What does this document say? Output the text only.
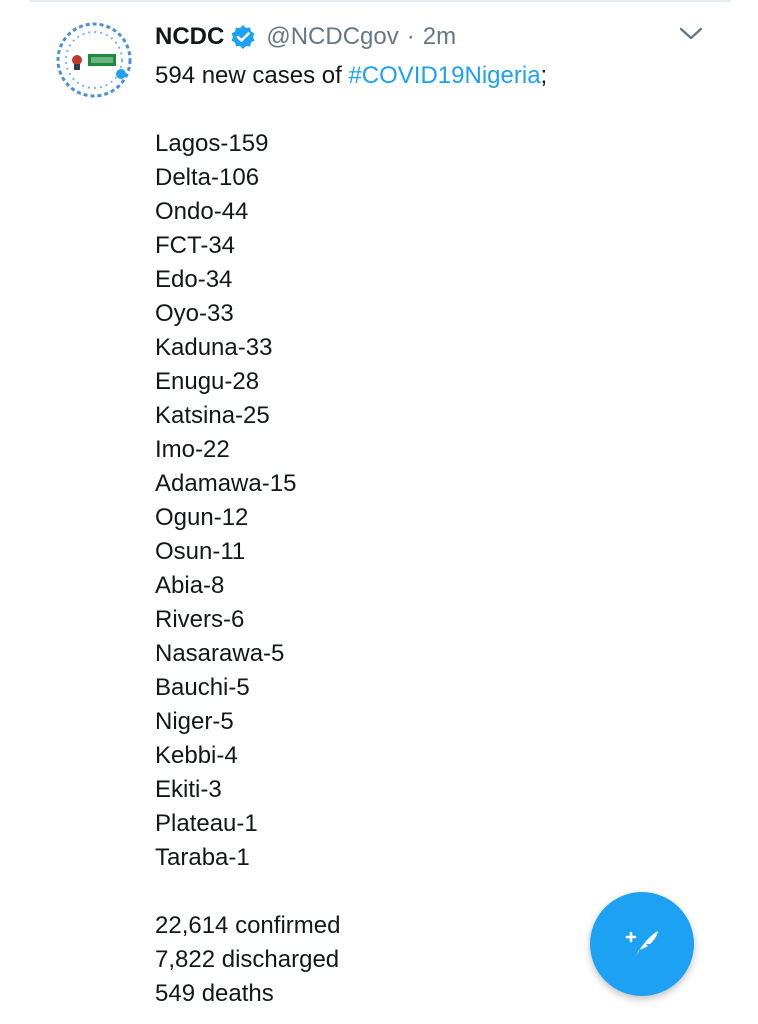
NCDC @NCDCgov · 2m
594 new cases of #COVID19Nigeria;
Lagos-159
Delta-106
Ondo-44
FCT-34
Edo-34
Oyo-33
Kaduna-33
Enugu-28
Katsina-25
Imo-22
Adamawa-15
Ogun-12
Osun-11
Abia-8
Rivers-6
Nasarawa-5
Bauchi-5
Niger-5
Kebbi-4
Ekiti-3
Plateau-1
Taraba-1
22,614 confirmed
7,822 discharged
549 deaths
